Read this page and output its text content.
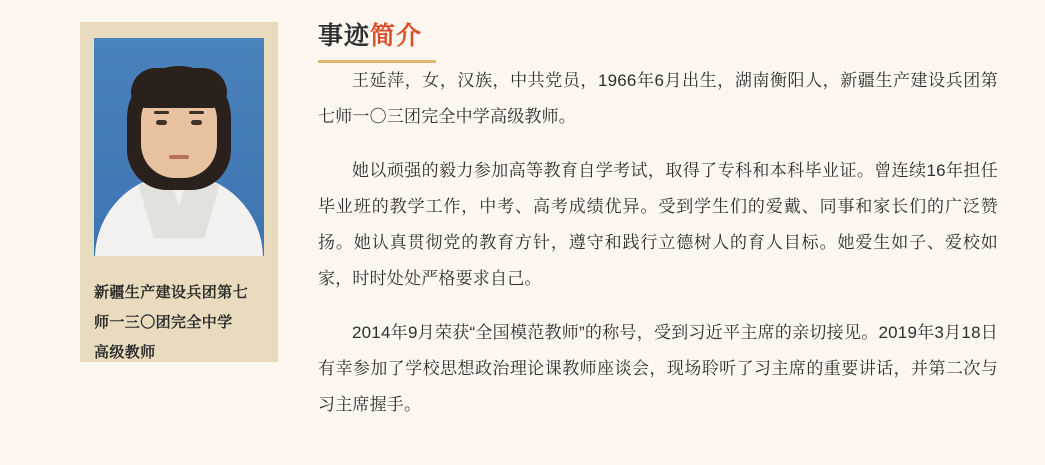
新疆生产建设兵团第七
师一三〇团完全中学
高级教师
事迹简介

王延萍，女，汉族，中共党员，1966年6月出生，湖南衡阳人，新疆生产建设兵团第七师一〇三团完全中学高级教师。

她以顽强的毅力参加高等教育自学考试，取得了专科和本科毕业证。曾连续16年担任毕业班的教学工作，中考、高考成绩优异。受到学生们的爱戴、同事和家长们的广泛赞扬。她认真贯彻党的教育方针，遵守和践行立德树人的育人目标。她爱生如子、爱校如家，时时处处严格要求自己。

2014年9月荣获“全国模范教师”的称号，受到习近平主席的亲切接见。2019年3月18日有幸参加了学校思想政治理论课教师座谈会，现场聆听了习主席的重要讲话，并第二次与习主席握手。
